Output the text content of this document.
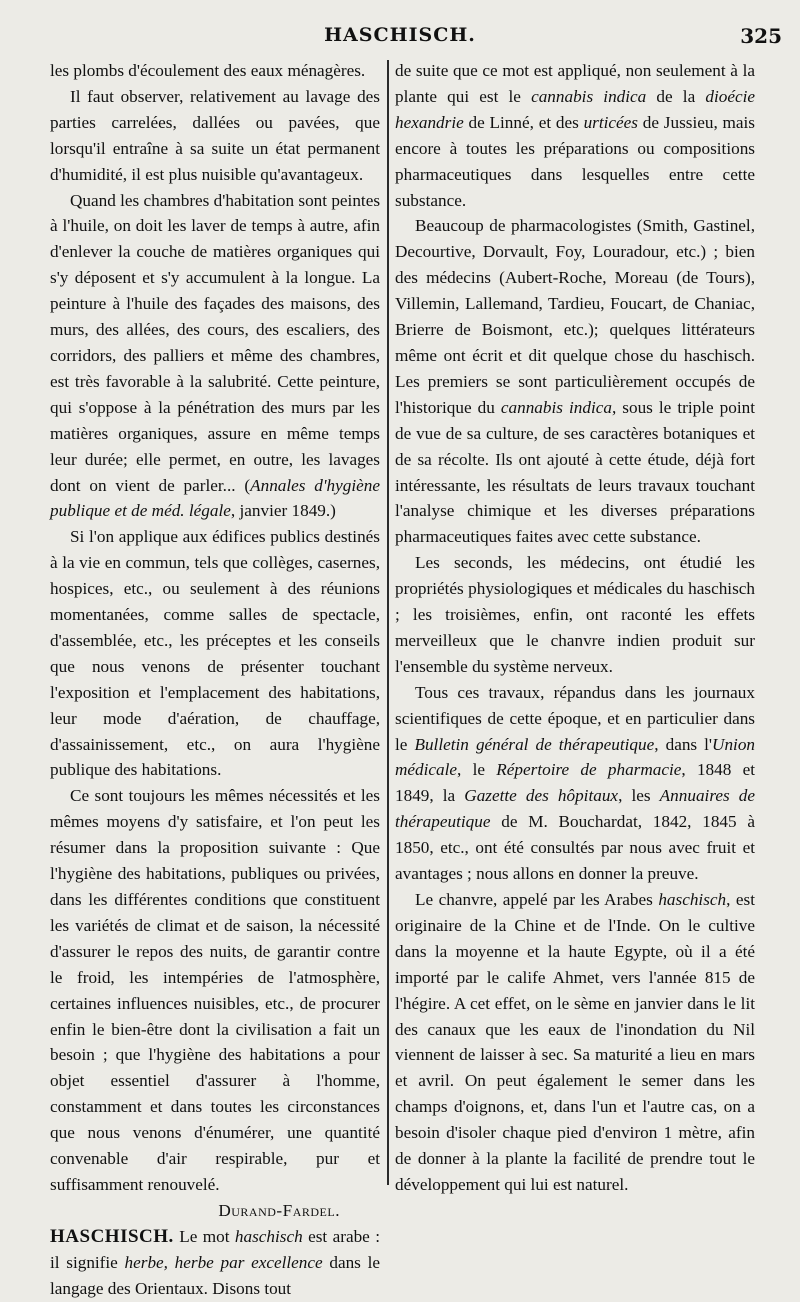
HASCHISCH.	325

les plombs d'écoulement des eaux ménagères.

Il faut observer, relativement au lavage des parties carrelées, dallées ou pavées, que lorsqu'il entraîne à sa suite un état permanent d'humidité, il est plus nuisible qu'avantageux.

Quand les chambres d'habitation sont peintes à l'huile, on doit les laver de temps à autre, afin d'enlever la couche de matières organiques qui s'y déposent et s'y accumulent à la longue. La peinture à l'huile des façades des maisons, des murs, des allées, des cours, des escaliers, des corridors, des palliers et même des chambres, est très favorable à la salubrité. Cette peinture, qui s'oppose à la pénétration des murs par les matières organiques, assure en même temps leur durée; elle permet, en outre, les lavages dont on vient de parler... (Annales d'hygiène publique et de méd. légale, janvier 1849.)

Si l'on applique aux édifices publics destinés à la vie en commun, tels que collèges, casernes, hospices, etc., ou seulement à des réunions momentanées, comme salles de spectacle, d'assemblée, etc., les préceptes et les conseils que nous venons de présenter touchant l'exposition et l'emplacement des habitations, leur mode d'aération, de chauffage, d'assainissement, etc., on aura l'hygiène publique des habitations.

Ce sont toujours les mêmes nécessités et les mêmes moyens d'y satisfaire, et l'on peut les résumer dans la proposition suivante : Que l'hygiène des habitations, publiques ou privées, dans les différentes conditions que constituent les variétés de climat et de saison, la nécessité d'assurer le repos des nuits, de garantir contre le froid, les intempéries de l'atmosphère, certaines influences nuisibles, etc., de procurer enfin le bien-être dont la civilisation a fait un besoin ; que l'hygiène des habitations a pour objet essentiel d'assurer à l'homme, constamment et dans toutes les circonstances que nous venons d'énumérer, une quantité convenable d'air respirable, pur et suffisamment renouvelé.

Durand-Fardel.

HASCHISCH. Le mot haschisch est arabe : il signifie herbe, herbe par excellence dans le langage des Orientaux. Disons tout

de suite que ce mot est appliqué, non seulement à la plante qui est le cannabis indica de la dioécie hexandrie de Linné, et des urticées de Jussieu, mais encore à toutes les préparations ou compositions pharmaceutiques dans lesquelles entre cette substance.

Beaucoup de pharmacologistes (Smith, Gastinel, Decourtive, Dorvault, Foy, Louradour, etc.) ; bien des médecins (Aubert-Roche, Moreau (de Tours), Villemin, Lallemand, Tardieu, Foucart, de Chaniac, Brierre de Boismont, etc.); quelques littérateurs même ont écrit et dit quelque chose du haschisch. Les premiers se sont particulièrement occupés de l'historique du cannabis indica, sous le triple point de vue de sa culture, de ses caractères botaniques et de sa récolte. Ils ont ajouté à cette étude, déjà fort intéressante, les résultats de leurs travaux touchant l'analyse chimique et les diverses préparations pharmaceutiques faites avec cette substance.

Les seconds, les médecins, ont étudié les propriétés physiologiques et médicales du haschisch ; les troisièmes, enfin, ont raconté les effets merveilleux que le chanvre indien produit sur l'ensemble du système nerveux.

Tous ces travaux, répandus dans les journaux scientifiques de cette époque, et en particulier dans le Bulletin général de thérapeutique, dans l'Union médicale, le Répertoire de pharmacie, 1848 et 1849, la Gazette des hôpitaux, les Annuaires de thérapeutique de M. Bouchardat, 1842, 1845 à 1850, etc., ont été consultés par nous avec fruit et avantages ; nous allons en donner la preuve.

Le chanvre, appelé par les Arabes haschisch, est originaire de la Chine et de l'Inde. On le cultive dans la moyenne et la haute Egypte, où il a été importé par le calife Ahmet, vers l'année 815 de l'hégire. A cet effet, on le sème en janvier dans le lit des canaux que les eaux de l'inondation du Nil viennent de laisser à sec. Sa maturité a lieu en mars et avril. On peut également le semer dans les champs d'oignons, et, dans l'un et l'autre cas, on a besoin d'isoler chaque pied d'environ 1 mètre, afin de donner à la plante la facilité de prendre tout le développement qui lui est naturel.
